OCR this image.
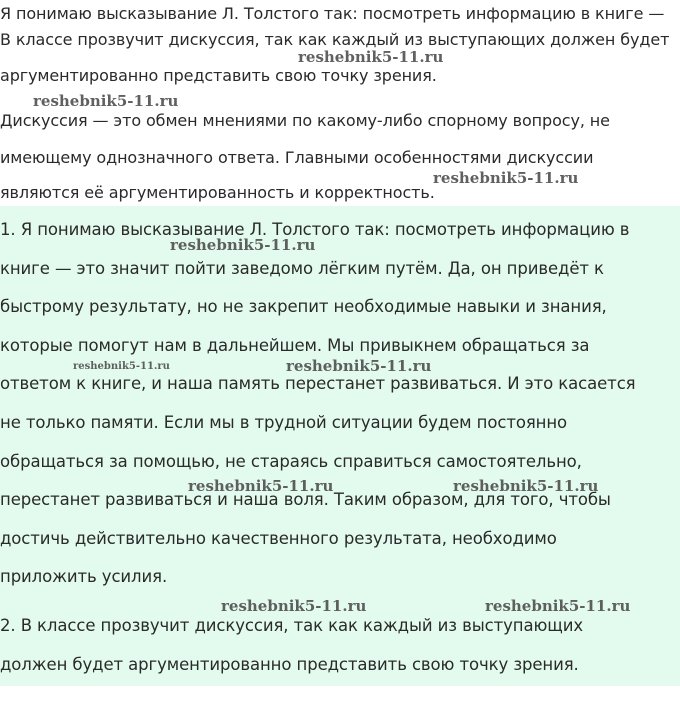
Я понимаю высказывание Л. Толстого так: посмотреть информацию в книге —
В классе прозвучит дискуссия, так как каждый из выступающих должен будет
аргументированно представить свою точку зрения.
Дискуссия — это обмен мнениями по какому-либо спорному вопросу, не
имеющему однозначного ответа. Главными особенностями дискуссии
являются её аргументированность и корректность.
1. Я понимаю высказывание Л. Толстого так: посмотреть информацию в
книге — это значит пойти заведомо лёгким путём. Да, он приведёт к
быстрому результату, но не закрепит необходимые навыки и знания,
которые помогут нам в дальнейшем. Мы привыкнем обращаться за
ответом к книге, и наша память перестанет развиваться. И это касается
не только памяти. Если мы в трудной ситуации будем постоянно
обращаться за помощью, не стараясь справиться самостоятельно,
перестанет развиваться и наша воля. Таким образом, для того, чтобы
достичь действительно качественного результата, необходимо
приложить усилия.
2. В классе прозвучит дискуссия, так как каждый из выступающих
должен будет аргументированно представить свою точку зрения.
reshebnik5-11.ru
reshebnik5-11.ru
reshebnik5-11.ru
reshebnik5-11.ru
reshebnik5-11.ru	reshebnik5-11.ru
reshebnik5-11.ru	reshebnik5-11.ru
reshebnik5-11.ru	reshebnik5-11.ru
